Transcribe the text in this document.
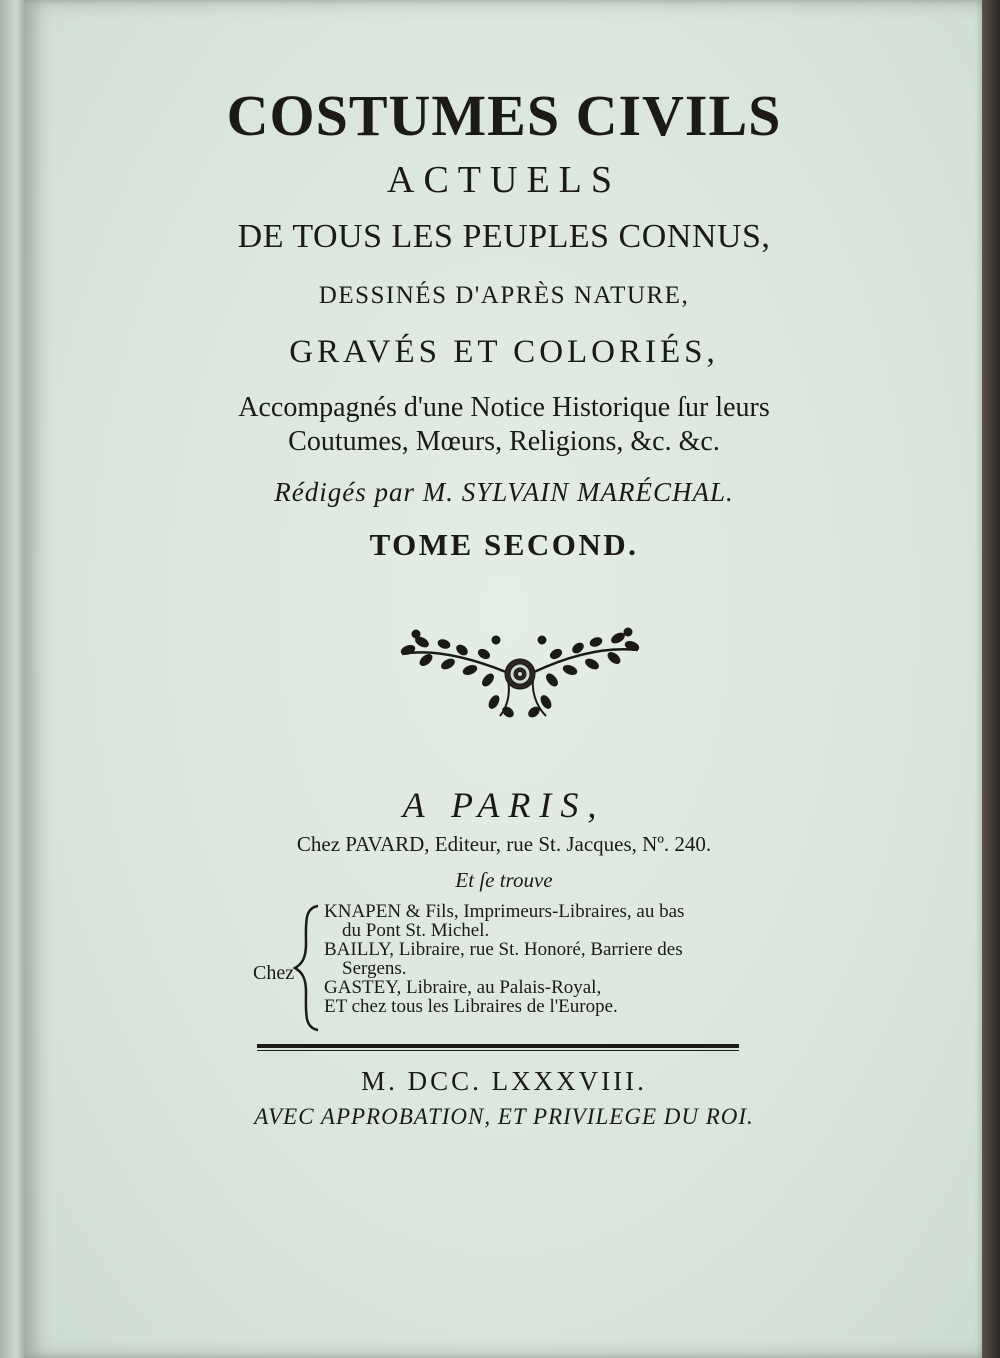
COSTUMES CIVILS
ACTUELS
DE TOUS LES PEUPLES CONNUS,
DESSINÉS D'APRÈS NATURE,
GRAVÉS ET COLORIÉS,
Accompagnés d'une Notice Historique ſur leurs
Coutumes, Mœurs, Religions, &c. &c.
Rédigés par M. SYLVAIN MARÉCHAL.
TOME SECOND.
A PARIS,
Chez PAVARD, Editeur, rue St. Jacques, Nº. 240.
Et ſe trouve
Chez
KNAPEN & Fils, Imprimeurs-Libraires, au bas
du Pont St. Michel.
BAILLY, Libraire, rue St. Honoré, Barriere des
Sergens.
GASTEY, Libraire, au Palais-Royal,
ET chez tous les Libraires de l'Europe.
M. DCC. LXXXVIII.
AVEC APPROBATION, ET PRIVILEGE DU ROI.
